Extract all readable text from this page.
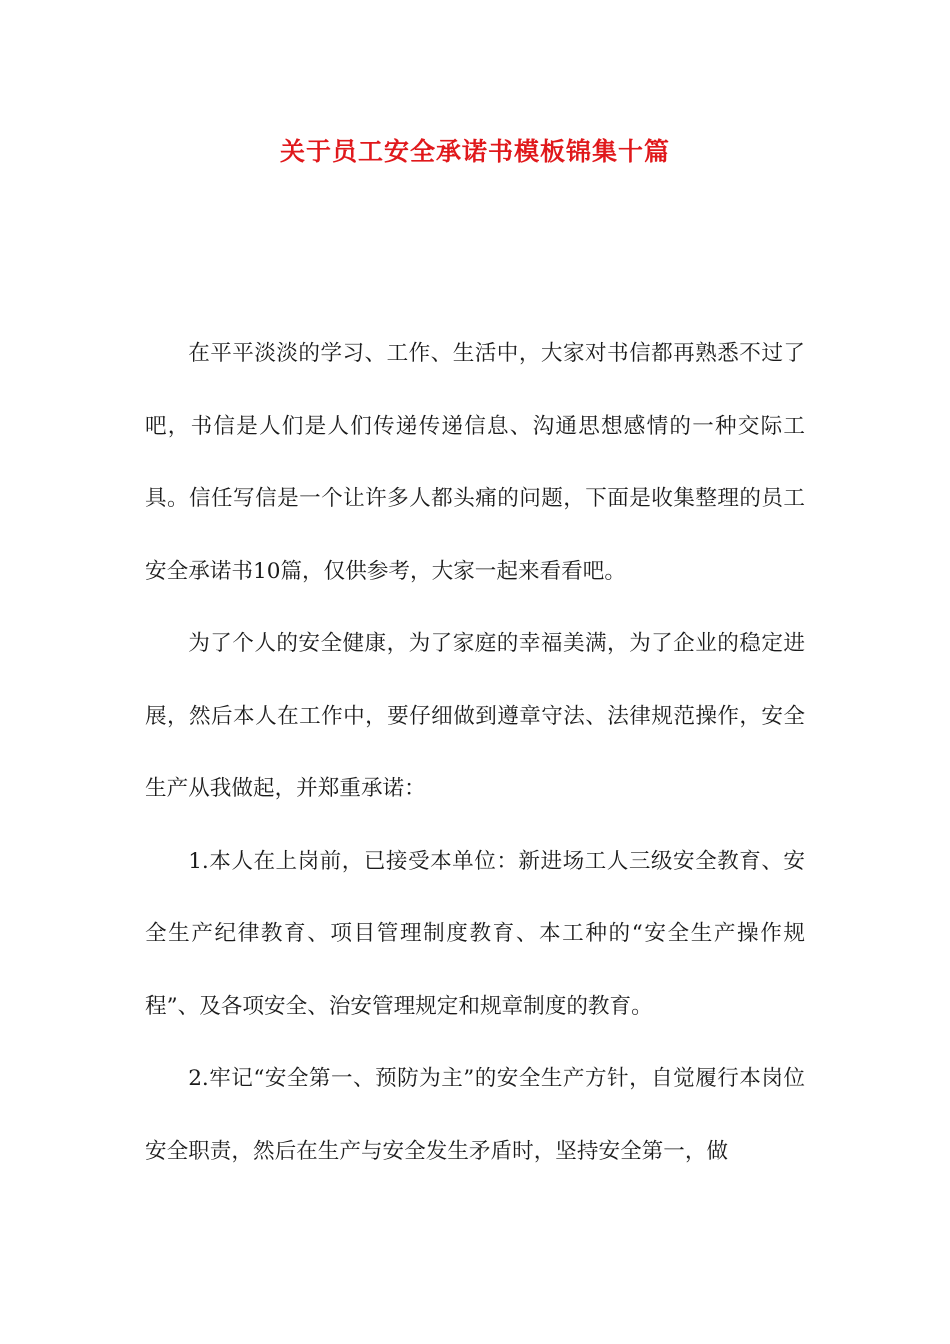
关于员工安全承诺书模板锦集十篇

在平平淡淡的学习、工作、生活中，大家对书信都再熟悉不过了吧，书信是人们是人们传递传递信息、沟通思想感情的一种交际工具。信任写信是一个让许多人都头痛的问题，下面是收集整理的员工安全承诺书10篇，仅供参考，大家一起来看看吧。

为了个人的安全健康，为了家庭的幸福美满，为了企业的稳定进展，然后本人在工作中，要仔细做到遵章守法、法律规范操作，安全生产从我做起，并郑重承诺：

1.本人在上岗前，已接受本单位：新进场工人三级安全教育、安全生产纪律教育、项目管理制度教育、本工种的“安全生产操作规程”、及各项安全、治安管理规定和规章制度的教育。

2.牢记“安全第一、预防为主”的安全生产方针，自觉履行本岗位安全职责，然后在生产与安全发生矛盾时，坚持安全第一，做
